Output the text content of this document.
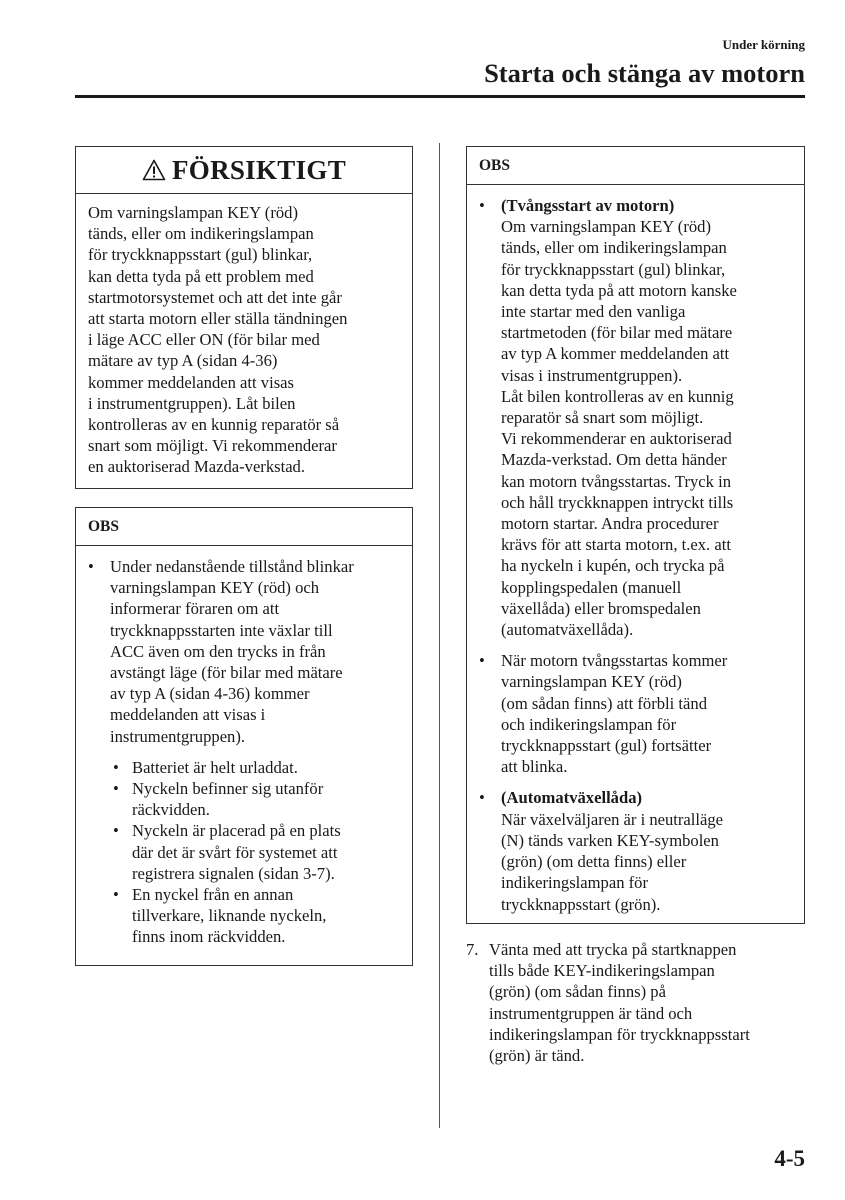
Under körning
Starta och stänga av motorn
FÖRSIKTIGT
Om varningslampan KEY (röd)
tänds, eller om indikeringslampan
för tryckknappsstart (gul) blinkar,
kan detta tyda på ett problem med
startmotorsystemet och att det inte går
att starta motorn eller ställa tändningen
i läge ACC eller ON (för bilar med
mätare av typ A (sidan 4-36)
kommer meddelanden att visas
i instrumentgruppen). Låt bilen
kontrolleras av en kunnig reparatör så
snart som möjligt. Vi rekommenderar
en auktoriserad Mazda-verkstad.
OBS
• Under nedanstående tillstånd blinkar
varningslampan KEY (röd) och
informerar föraren om att
tryckknappsstarten inte växlar till
ACC även om den trycks in från
avstängt läge (för bilar med mätare
av typ A (sidan 4-36) kommer
meddelanden att visas i
instrumentgruppen).
• Batteriet är helt urladdat.
• Nyckeln befinner sig utanför
räckvidden.
• Nyckeln är placerad på en plats
där det är svårt för systemet att
registrera signalen (sidan 3-7).
• En nyckel från en annan
tillverkare, liknande nyckeln,
finns inom räckvidden.
OBS
• (Tvångsstart av motorn)
Om varningslampan KEY (röd)
tänds, eller om indikeringslampan
för tryckknappsstart (gul) blinkar,
kan detta tyda på att motorn kanske
inte startar med den vanliga
startmetoden (för bilar med mätare
av typ A kommer meddelanden att
visas i instrumentgruppen).
Låt bilen kontrolleras av en kunnig
reparatör så snart som möjligt.
Vi rekommenderar en auktoriserad
Mazda-verkstad. Om detta händer
kan motorn tvångsstartas. Tryck in
och håll tryckknappen intryckt tills
motorn startar. Andra procedurer
krävs för att starta motorn, t.ex. att
ha nyckeln i kupén, och trycka på
kopplingspedalen (manuell
växellåda) eller bromspedalen
(automatväxellåda).
• När motorn tvångsstartas kommer
varningslampan KEY (röd)
(om sådan finns) att förbli tänd
och indikeringslampan för
tryckknappsstart (gul) fortsätter
att blinka.
• (Automatväxellåda)
När växelväljaren är i neutralläge
(N) tänds varken KEY-symbolen
(grön) (om detta finns) eller
indikeringslampan för
tryckknappsstart (grön).
7. Vänta med att trycka på startknappen
tills både KEY-indikeringslampan
(grön) (om sådan finns) på
instrumentgruppen är tänd och
indikeringslampan för tryckknappsstart
(grön) är tänd.
4-5
